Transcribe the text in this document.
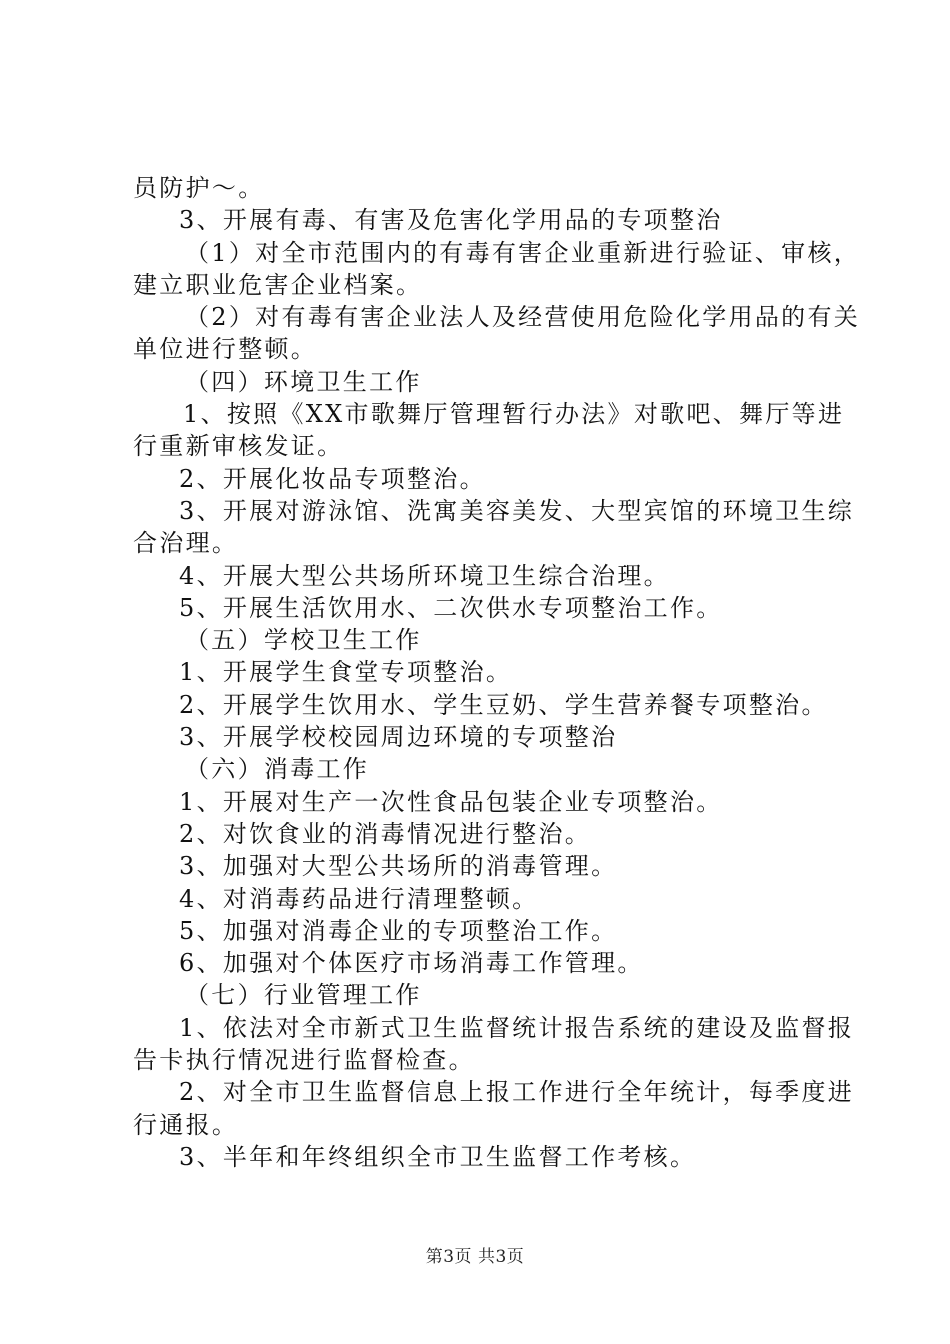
员防护～。
3、开展有毒、有害及危害化学用品的专项整治
（1）对全市范围内的有毒有害企业重新进行验证、审核，
建立职业危害企业档案。
（2）对有毒有害企业法人及经营使用危险化学用品的有关
单位进行整顿。
（四）环境卫生工作
1、按照《XX市歌舞厅管理暂行办法》对歌吧、舞厅等进
行重新审核发证。
2、开展化妆品专项整治。
3、开展对游泳馆、洗寓美容美发、大型宾馆的环境卫生综
合治理。
4、开展大型公共场所环境卫生综合治理。
5、开展生活饮用水、二次供水专项整治工作。
（五）学校卫生工作
1、开展学生食堂专项整治。
2、开展学生饮用水、学生豆奶、学生营养餐专项整治。
3、开展学校校园周边环境的专项整治
（六）消毒工作
1、开展对生产一次性食品包装企业专项整治。
2、对饮食业的消毒情况进行整治。
3、加强对大型公共场所的消毒管理。
4、对消毒药品进行清理整顿。
5、加强对消毒企业的专项整治工作。
6、加强对个体医疗市场消毒工作管理。
（七）行业管理工作
1、依法对全市新式卫生监督统计报告系统的建设及监督报
告卡执行情况进行监督检查。
2、对全市卫生监督信息上报工作进行全年统计，每季度进
行通报。
3、半年和年终组织全市卫生监督工作考核。
第3页 共3页
